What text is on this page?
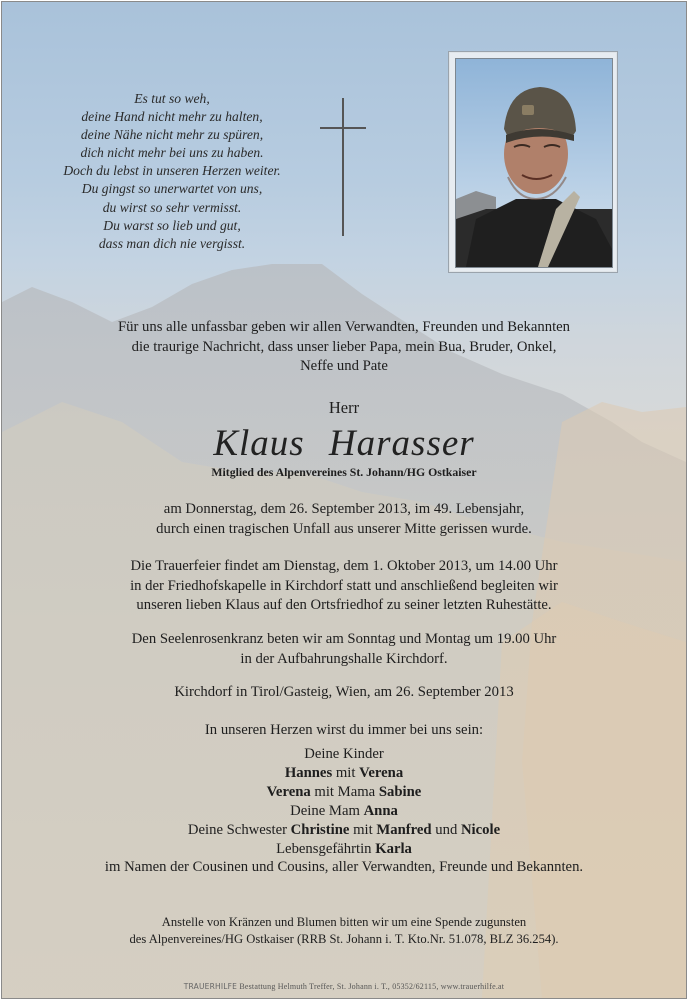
Es tut so weh,
deine Hand nicht mehr zu halten,
deine Nähe nicht mehr zu spüren,
dich nicht mehr bei uns zu haben.
Doch du lebst in unseren Herzen weiter.
Du gingst so unerwartet von uns,
du wirst so sehr vermisst.
Du warst so lieb und gut,
dass man dich nie vergisst.
Für uns alle unfassbar geben wir allen Verwandten, Freunden und Bekannten
die traurige Nachricht, dass unser lieber Papa, mein Bua, Bruder, Onkel,
Neffe und Pate
Herr
Klaus Harasser
Mitglied des Alpenvereines St. Johann/HG Ostkaiser
am Donnerstag, dem 26. September 2013, im 49. Lebensjahr,
durch einen tragischen Unfall aus unserer Mitte gerissen wurde.
Die Trauerfeier findet am Dienstag, dem 1. Oktober 2013, um 14.00 Uhr
in der Friedhofskapelle in Kirchdorf statt und anschließend begleiten wir
unseren lieben Klaus auf den Ortsfriedhof zu seiner letzten Ruhestätte.
Den Seelenrosenkranz beten wir am Sonntag und Montag um 19.00 Uhr
in der Aufbahrungshalle Kirchdorf.
Kirchdorf in Tirol/Gasteig, Wien, am 26. September 2013
In unseren Herzen wirst du immer bei uns sein:
Deine Kinder
Hannes mit Verena
Verena mit Mama Sabine
Deine Mam Anna
Deine Schwester Christine mit Manfred und Nicole
Lebensgefährtin Karla
im Namen der Cousinen und Cousins, aller Verwandten, Freunde und Bekannten.
Anstelle von Kränzen und Blumen bitten wir um eine Spende zugunsten
des Alpenvereines/HG Ostkaiser (RRB St. Johann i. T. Kto.Nr. 51.078, BLZ 36.254).
TRAUERHILFE Bestattung Helmuth Treffer, St. Johann i. T., 05352/62115, www.trauerhilfe.at
